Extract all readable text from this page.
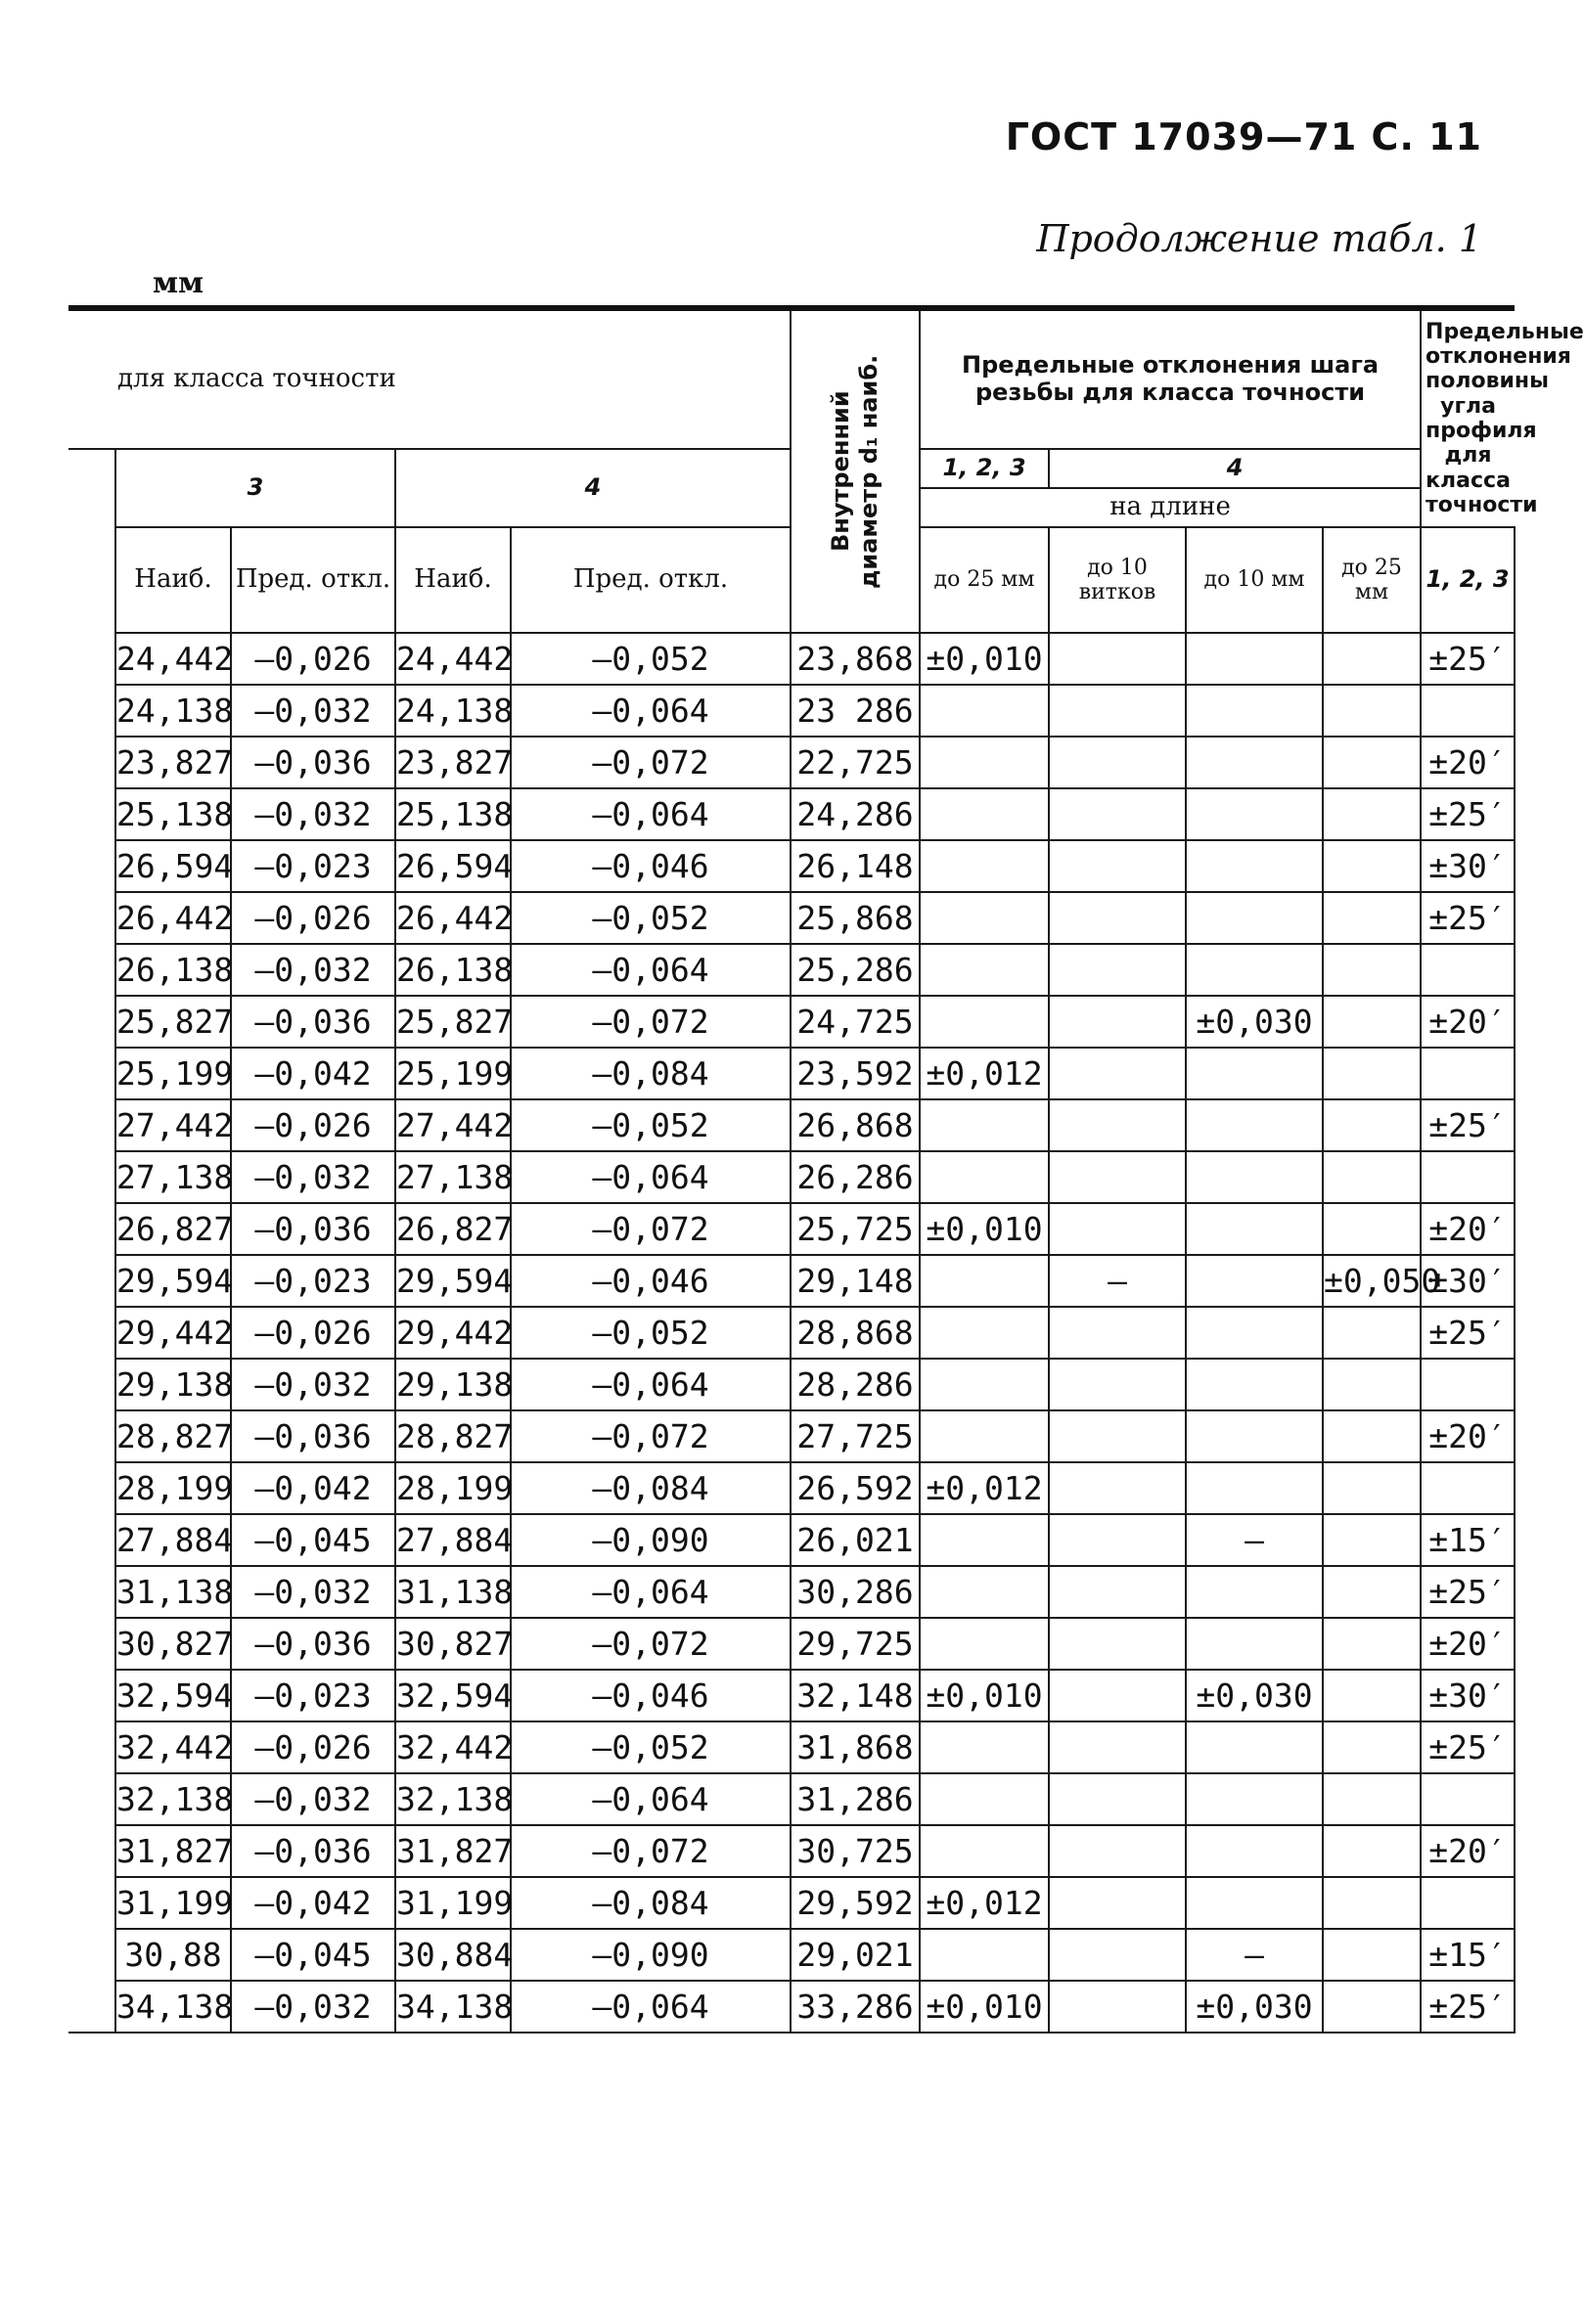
ГОСТ 17039—71 С. 11
Продолжение табл. 1
мм
для класса точности					Внутренний диаметр d₁ наиб.	Предельные отклонения шага резьбы для класса точности				Предельные отклонения половины угла профиля для класса точности	
	3		4			1, 2, 3	4				
						на длине					
	Наиб.	Пред. откл.	Наиб.	Пред. откл.		до 25 мм	до 10 витков	до 10 мм	до 25 мм	1, 2, 3	
	24,442	—0,026	24,442	—0,052	23,868	±0,010				±25′	
	24,138	—0,032	24,138	—0,064	23 286						
	23,827	—0,036	23,827	—0,072	22,725					±20′	
	25,138	—0,032	25,138	—0,064	24,286					±25′	
	26,594	—0,023	26,594	—0,046	26,148					±30′	
	26,442	—0,026	26,442	—0,052	25,868					±25′	
	26,138	—0,032	26,138	—0,064	25,286						
	25,827	—0,036	25,827	—0,072	24,725			±0,030		±20′	
	25,199	—0,042	25,199	—0,084	23,592	±0,012					
	27,442	—0,026	27,442	—0,052	26,868					±25′	
	27,138	—0,032	27,138	—0,064	26,286						
	26,827	—0,036	26,827	—0,072	25,725	±0,010				±20′	
	29,594	—0,023	29,594	—0,046	29,148		—		±0,050	±30′	
	29,442	—0,026	29,442	—0,052	28,868					±25′	
	29,138	—0,032	29,138	—0,064	28,286						
	28,827	—0,036	28,827	—0,072	27,725					±20′	
	28,199	—0,042	28,199	—0,084	26,592	±0,012					
	27,884	—0,045	27,884	—0,090	26,021			—		±15′	
	31,138	—0,032	31,138	—0,064	30,286					±25′	
	30,827	—0,036	30,827	—0,072	29,725					±20′	
	32,594	—0,023	32,594	—0,046	32,148	±0,010		±0,030		±30′	
	32,442	—0,026	32,442	—0,052	31,868					±25′	
	32,138	—0,032	32,138	—0,064	31,286						
	31,827	—0,036	31,827	—0,072	30,725					±20′	
	31,199	—0,042	31,199	—0,084	29,592	±0,012					
	30,88	—0,045	30,884	—0,090	29,021			—		±15′	
	34,138	—0,032	34,138	—0,064	33,286	±0,010		±0,030		±25′	
